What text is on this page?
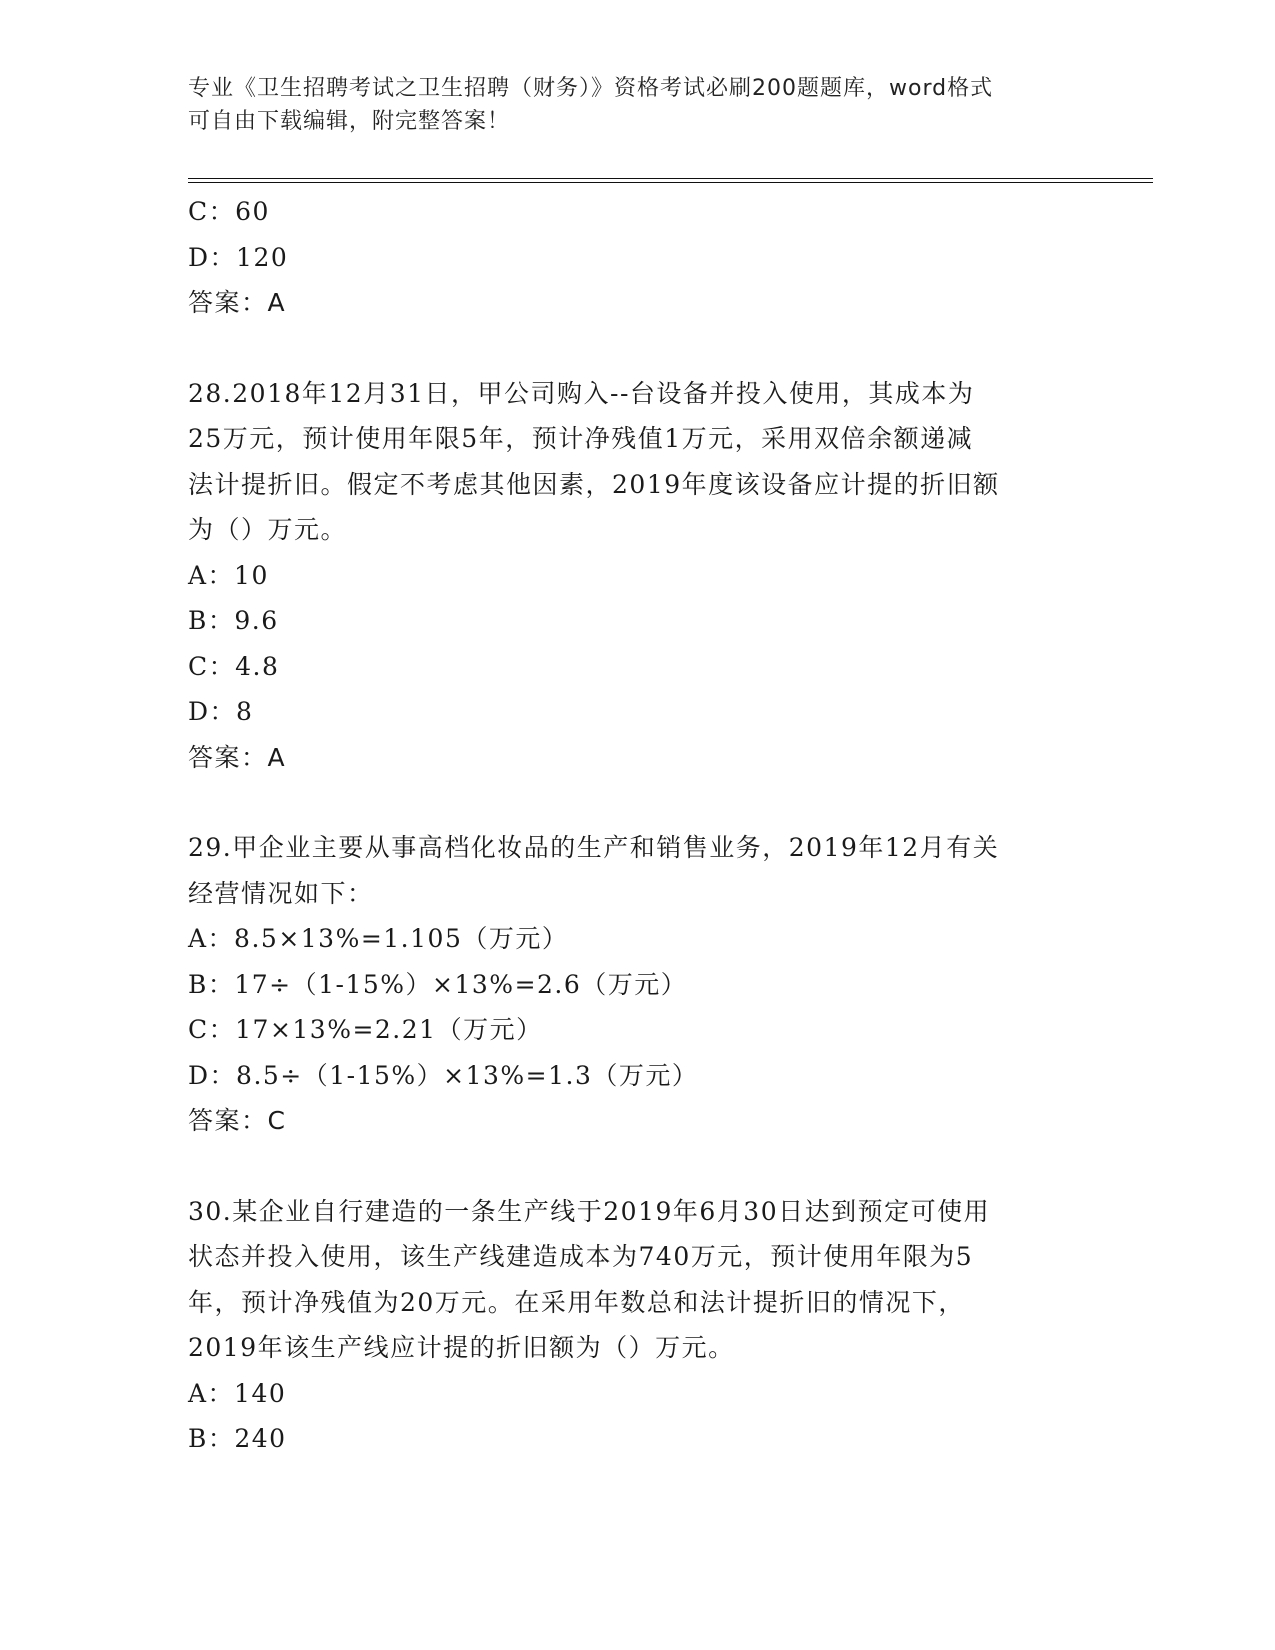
专业《卫生招聘考试之卫生招聘（财务）》资格考试必刷200题题库，word格式
可自由下载编辑，附完整答案！
C：60
D：120
答案：A
28.2018年12月31日，甲公司购入--台设备并投入使用，其成本为
25万元，预计使用年限5年，预计净残值1万元，采用双倍余额递减
法计提折旧。假定不考虑其他因素，2019年度该设备应计提的折旧额
为（）万元。
A：10
B：9.6
C：4.8
D：8
答案：A
29.甲企业主要从事高档化妆品的生产和销售业务，2019年12月有关
经营情况如下：
A：8.5×13%=1.105（万元）
B：17÷（1-15%）×13%=2.6（万元）
C：17×13%=2.21（万元）
D：8.5÷（1-15%）×13%=1.3（万元）
答案：C
30.某企业自行建造的一条生产线于2019年6月30日达到预定可使用
状态并投入使用，该生产线建造成本为740万元，预计使用年限为5
年，预计净残值为20万元。在采用年数总和法计提折旧的情况下，
2019年该生产线应计提的折旧额为（）万元。
A：140
B：240
